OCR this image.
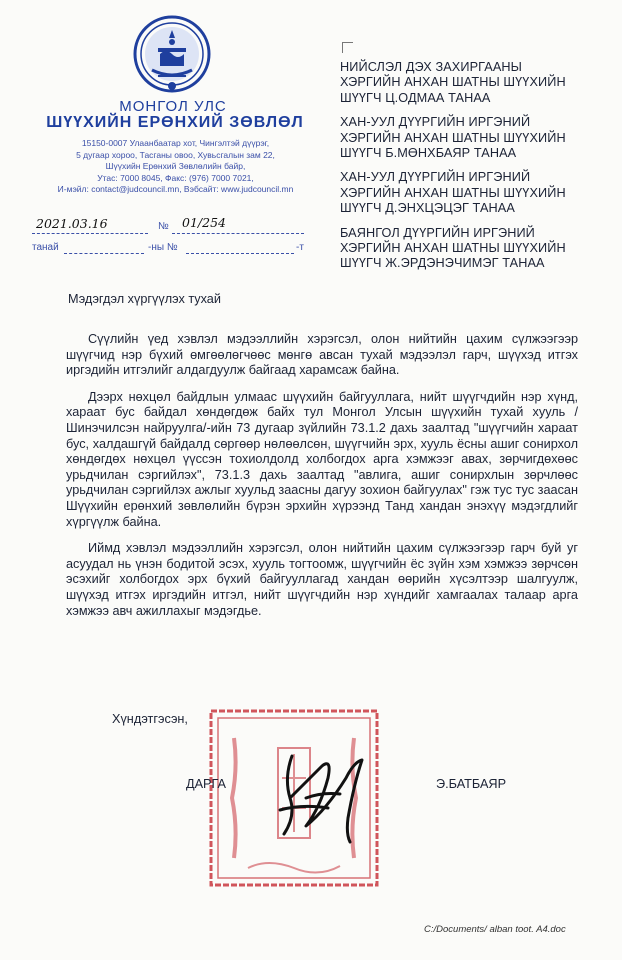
МОНГОЛ УЛС
ШҮҮХИЙН ЕРӨНХИЙ ЗӨВЛӨЛ
15150-0007 Улаанбаатар хот, Чингэлтэй дүүрэг,
5 дугаар хороо, Тасганы овоо, Хувьсгалын зам 22,
Шүүхийн Ерөнхий Зөвлөлийн байр,
Утас: 7000 8045, Факс: (976) 7000 7021,
И-мэйл: contact@judcouncil.mn, Вэбсайт: www.judcouncil.mn
2021.03.16	№ 01/254
танай	-ны №	-т
НИЙСЛЭЛ ДЭХ ЗАХИРГААНЫ
ХЭРГИЙН АНХАН ШАТНЫ ШҮҮХИЙН
ШҮҮГЧ Ц.ОДМАА ТАНАА
ХАН-УУЛ ДҮҮРГИЙН ИРГЭНИЙ
ХЭРГИЙН АНХАН ШАТНЫ ШҮҮХИЙН
ШҮҮГЧ Б.МӨНХБАЯР ТАНАА
ХАН-УУЛ ДҮҮРГИЙН ИРГЭНИЙ
ХЭРГИЙН АНХАН ШАТНЫ ШҮҮХИЙН
ШҮҮГЧ Д.ЭНХЦЭЦЭГ ТАНАА
БАЯНГОЛ ДҮҮРГИЙН ИРГЭНИЙ
ХЭРГИЙН АНХАН ШАТНЫ ШҮҮХИЙН
ШҮҮГЧ Ж.ЭРДЭНЭЧИМЭГ ТАНАА
Мэдэгдэл хүргүүлэх тухай

Сүүлийн үед хэвлэл мэдээллийн хэрэгсэл, олон нийтийн цахим сүлжээгээр шүүгчид нэр бүхий өмгөөлөгчөөс мөнгө авсан тухай мэдээлэл гарч, шүүхэд итгэх иргэдийн итгэлийг алдагдуулж байгаад харамсаж байна.

Дээрх нөхцөл байдлын улмаас шүүхийн байгууллага, нийт шүүгчдийн нэр хүнд, хараат бус байдал хөндөгдөж байх тул Монгол Улсын шүүхийн тухай хууль /Шинэчилсэн найруулга/-ийн 73 дугаар зүйлийн 73.1.2 дахь заалтад "шүүгчийн хараат бус, халдашгүй байдалд сөргөөр нөлөөлсөн, шүүгчийн эрх, хууль ёсны ашиг сонирхол хөндөгдөх нөхцөл үүссэн тохиолдолд холбогдох арга хэмжээг авах, зөрчигдөхөөс урьдчилан сэргийлэх", 73.1.3 дахь заалтад "авлига, ашиг сонирхлын зөрчлөөс урьдчилан сэргийлэх ажлыг хуульд заасны дагуу зохион байгуулах" гэж тус тус заасан Шүүхийн ерөнхий зөвлөлийн бүрэн эрхийн хүрээнд Танд хандан энэхүү мэдэгдлийг хүргүүлж байна.

Иймд хэвлэл мэдээллийн хэрэгсэл, олон нийтийн цахим сүлжээгээр гарч буй уг асуудал нь үнэн бодитой эсэх, хууль тогтоомж, шүүгчийн ёс зүйн хэм хэмжээ зөрчсөн эсэхийг холбогдох эрх бүхий байгууллагад хандан өөрийн хүсэлтээр шалгуулж, шүүхэд итгэх иргэдийн итгэл, нийт шүүгчдийн нэр хүндийг хамгаалах талаар арга хэмжээ авч ажиллахыг мэдэгдье.

Хүндэтгэсэн,
ДАРГА	Э.БАТБАЯР
C:/Documents/ alban toot. A4.doc
